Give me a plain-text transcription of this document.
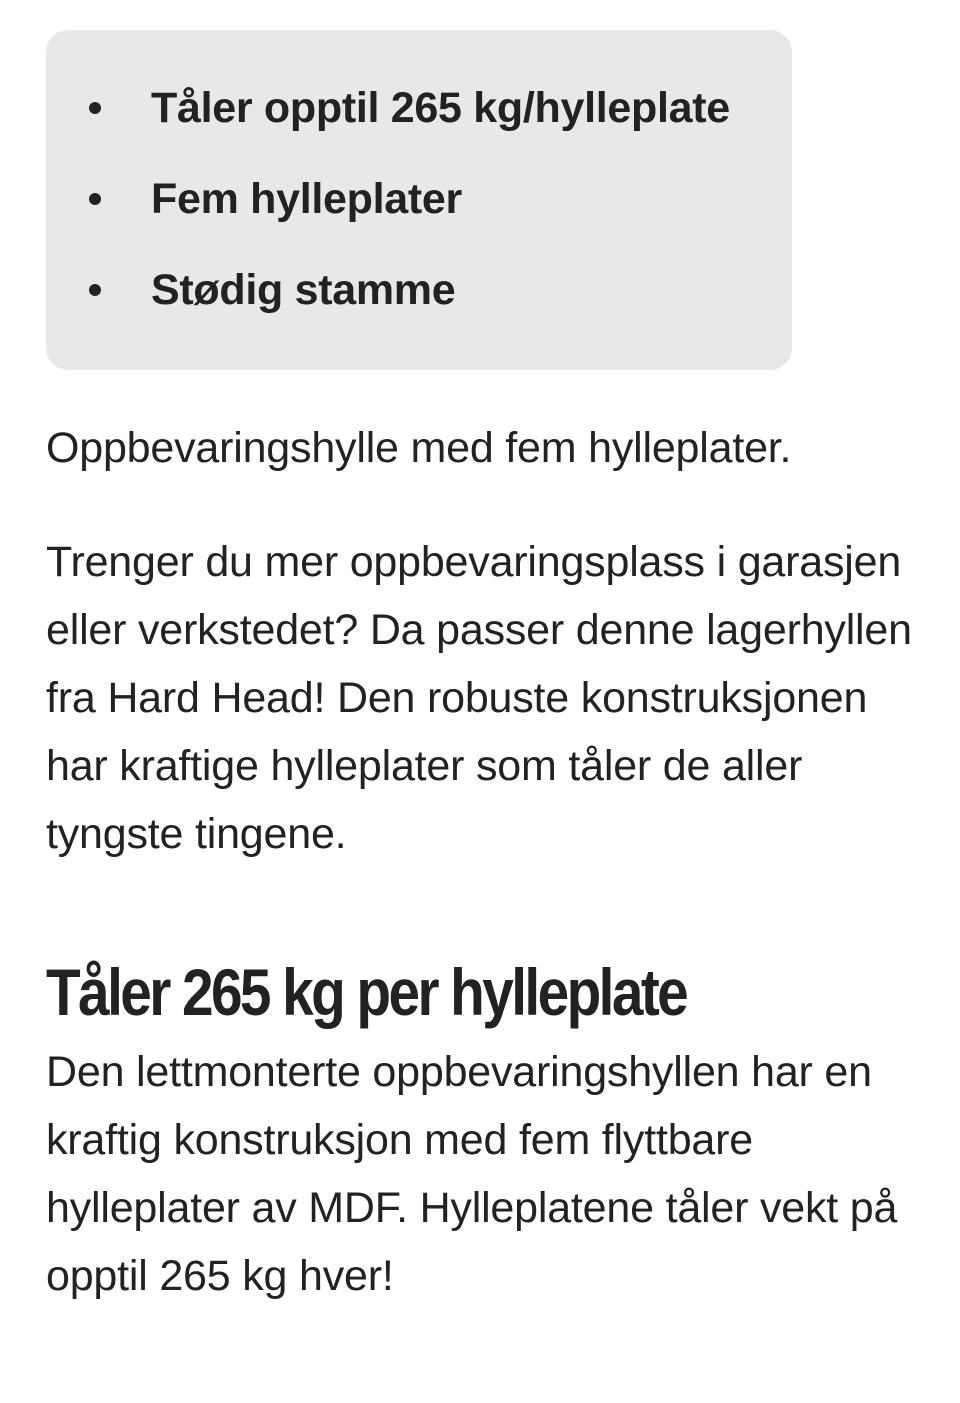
Tåler opptil 265 kg/hylleplate
Fem hylleplater
Stødig stamme

Oppbevaringshylle med fem hylleplater.

Trenger du mer oppbevaringsplass i garasjen eller verkstedet? Da passer denne lagerhyllen fra Hard Head! Den robuste konstruksjonen har kraftige hylleplater som tåler de aller tyngste tingene.

Tåler 265 kg per hylleplate

Den lettmonterte oppbevaringshyllen har en kraftig konstruksjon med fem flyttbare hylleplater av MDF. Hylleplatene tåler vekt på opptil 265 kg hver!
